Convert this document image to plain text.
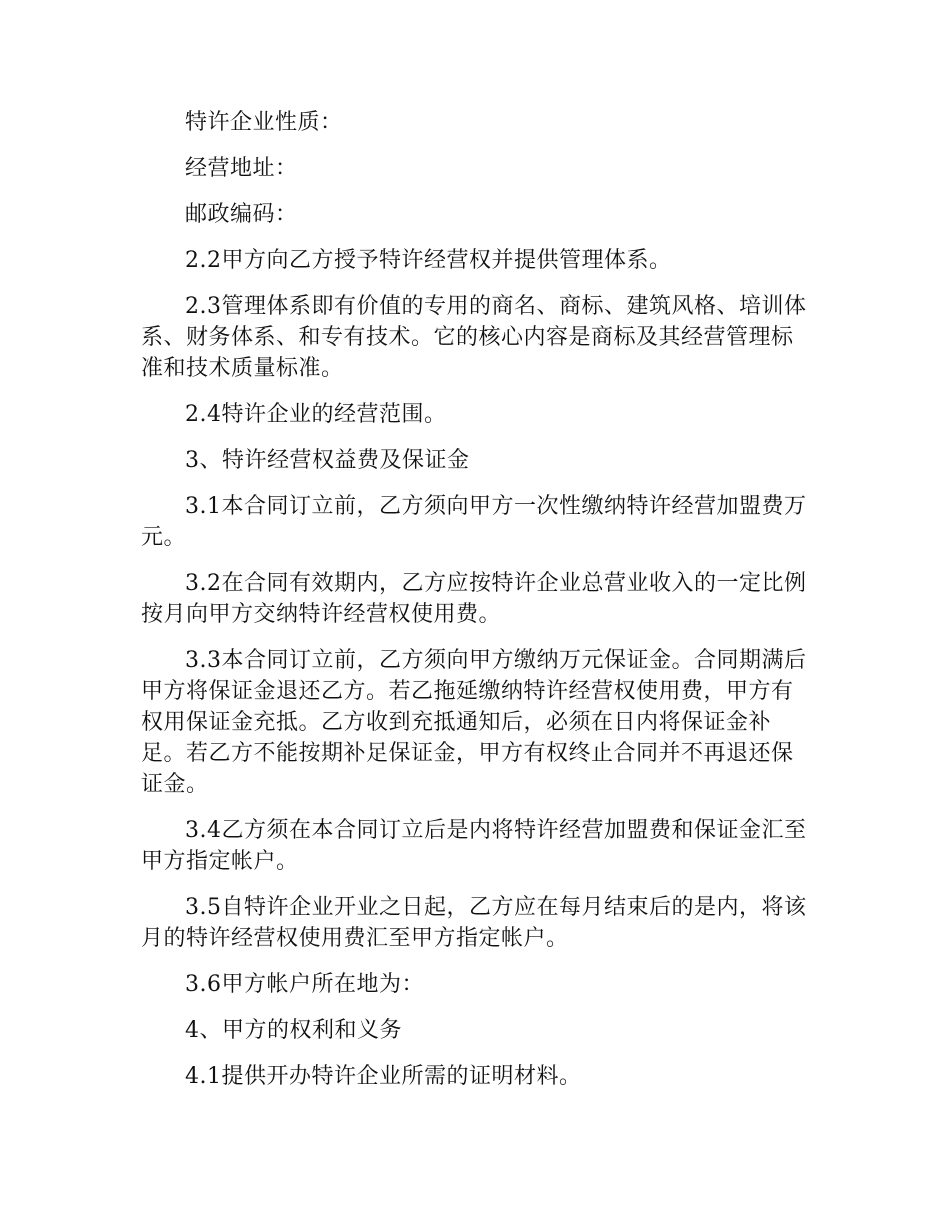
特许企业性质：

经营地址：

邮政编码：

2.2甲方向乙方授予特许经营权并提供管理体系。

2.3管理体系即有价值的专用的商名、商标、建筑风格、培训体系、财务体系、和专有技术。它的核心内容是商标及其经营管理标准和技术质量标准。

2.4特许企业的经营范围。

3、特许经营权益费及保证金

3.1本合同订立前，乙方须向甲方一次性缴纳特许经营加盟费万元。

3.2在合同有效期内，乙方应按特许企业总营业收入的一定比例按月向甲方交纳特许经营权使用费。

3.3本合同订立前，乙方须向甲方缴纳万元保证金。合同期满后甲方将保证金退还乙方。若乙拖延缴纳特许经营权使用费，甲方有权用保证金充抵。乙方收到充抵通知后，必须在日内将保证金补足。若乙方不能按期补足保证金，甲方有权终止合同并不再退还保证金。

3.4乙方须在本合同订立后是内将特许经营加盟费和保证金汇至甲方指定帐户。

3.5自特许企业开业之日起，乙方应在每月结束后的是内，将该月的特许经营权使用费汇至甲方指定帐户。

3.6甲方帐户所在地为：

4、甲方的权利和义务

4.1提供开办特许企业所需的证明材料。
